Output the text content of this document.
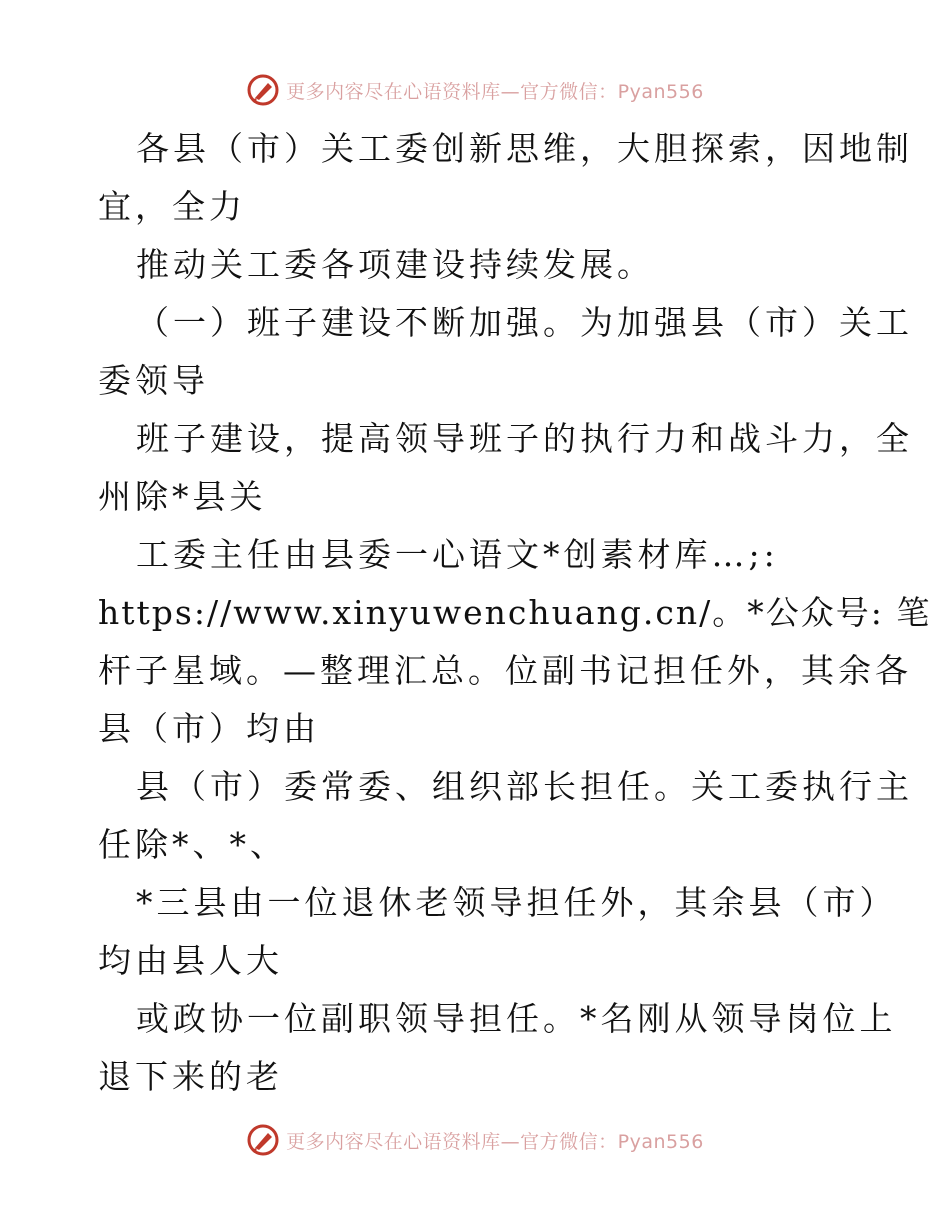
更多内容尽在心语资料库—官方微信：Pyan556
各县（市）关工委创新思维，大胆探索，因地制
宜，全力
推动关工委各项建设持续发展。
（一）班子建设不断加强。为加强县（市）关工
委领导
班子建设，提高领导班子的执行力和战斗力，全
州除*县关
工委主任由县委一心语文*创素材库…;:
https://www.xinyuwenchuang.cn/。*公众号: 笔
杆子星域。—整理汇总。位副书记担任外，其余各
县（市）均由
县（市）委常委、组织部长担任。关工委执行主
任除*、*、
*三县由一位退休老领导担任外，其余县（市）
均由县人大
或政协一位副职领导担任。*名刚从领导岗位上
退下来的老
更多内容尽在心语资料库—官方微信：Pyan556
